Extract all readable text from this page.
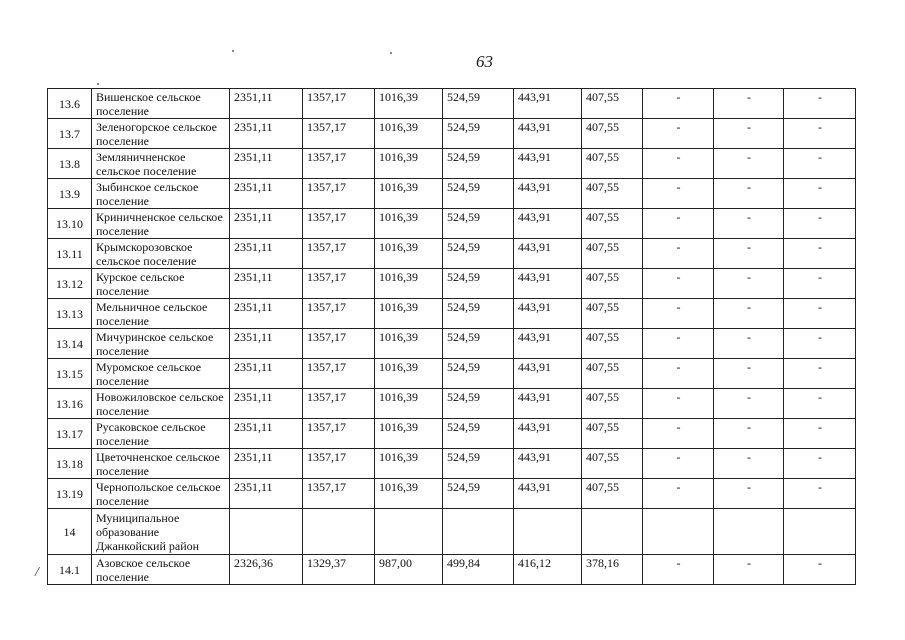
63
13.6	Вишенское сельское поселение	2351,11	1357,17	1016,39	524,59	443,91	407,55	-	-	-
13.7	Зеленогорское сельское поселение	2351,11	1357,17	1016,39	524,59	443,91	407,55	-	-	-
13.8	Земляничненское сельское поселение	2351,11	1357,17	1016,39	524,59	443,91	407,55	-	-	-
13.9	Зыбинское сельское поселение	2351,11	1357,17	1016,39	524,59	443,91	407,55	-	-	-
13.10	Криничненское сельское поселение	2351,11	1357,17	1016,39	524,59	443,91	407,55	-	-	-
13.11	Крымскорозовское сельское поселение	2351,11	1357,17	1016,39	524,59	443,91	407,55	-	-	-
13.12	Курское сельское поселение	2351,11	1357,17	1016,39	524,59	443,91	407,55	-	-	-
13.13	Мельничное сельское поселение	2351,11	1357,17	1016,39	524,59	443,91	407,55	-	-	-
13.14	Мичуринское сельское поселение	2351,11	1357,17	1016,39	524,59	443,91	407,55	-	-	-
13.15	Муромское сельское поселение	2351,11	1357,17	1016,39	524,59	443,91	407,55	-	-	-
13.16	Новожиловское сельское поселение	2351,11	1357,17	1016,39	524,59	443,91	407,55	-	-	-
13.17	Русаковское сельское поселение	2351,11	1357,17	1016,39	524,59	443,91	407,55	-	-	-
13.18	Цветочненское сельское поселение	2351,11	1357,17	1016,39	524,59	443,91	407,55	-	-	-
13.19	Чернопольское сельское поселение	2351,11	1357,17	1016,39	524,59	443,91	407,55	-	-	-
14	Муниципальное образование Джанкойский район									
14.1	Азовское сельское поселение	2326,36	1329,37	987,00	499,84	416,12	378,16	-	-	-
/
